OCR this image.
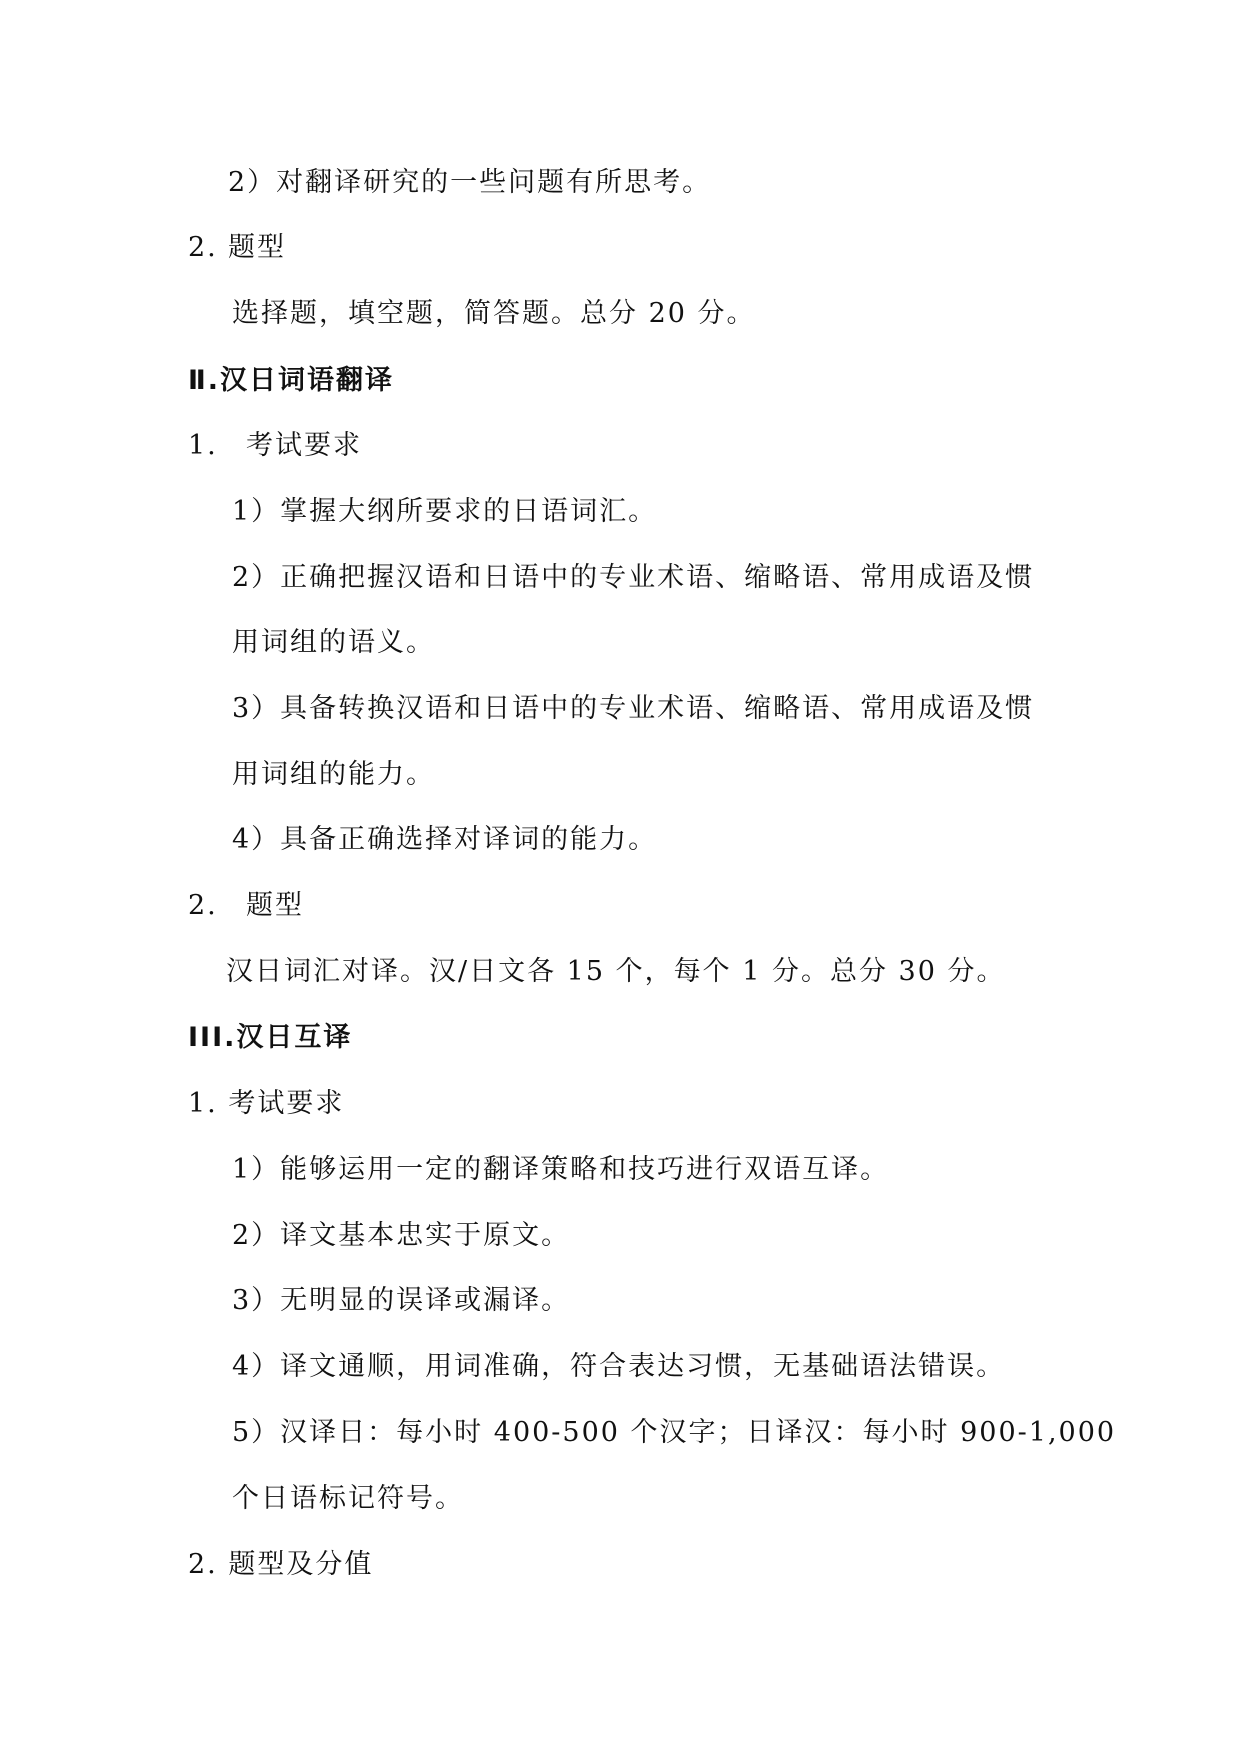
2）对翻译研究的一些问题有所思考。
2. 题型
选择题，填空题，简答题。总分 20 分。
Ⅱ.汉日词语翻译
1. 考试要求
1）掌握大纲所要求的日语词汇。
2）正确把握汉语和日语中的专业术语、缩略语、常用成语及惯
用词组的语义。
3）具备转换汉语和日语中的专业术语、缩略语、常用成语及惯
用词组的能力。
4）具备正确选择对译词的能力。
2. 题型
汉日词汇对译。汉/日文各 15 个，每个 1 分。总分 30 分。
III.汉日互译
1. 考试要求
1）能够运用一定的翻译策略和技巧进行双语互译。
2）译文基本忠实于原文。
3）无明显的误译或漏译。
4）译文通顺，用词准确，符合表达习惯，无基础语法错误。
5）汉译日：每小时 400-500 个汉字；日译汉：每小时 900-1,000
个日语标记符号。
2. 题型及分值
